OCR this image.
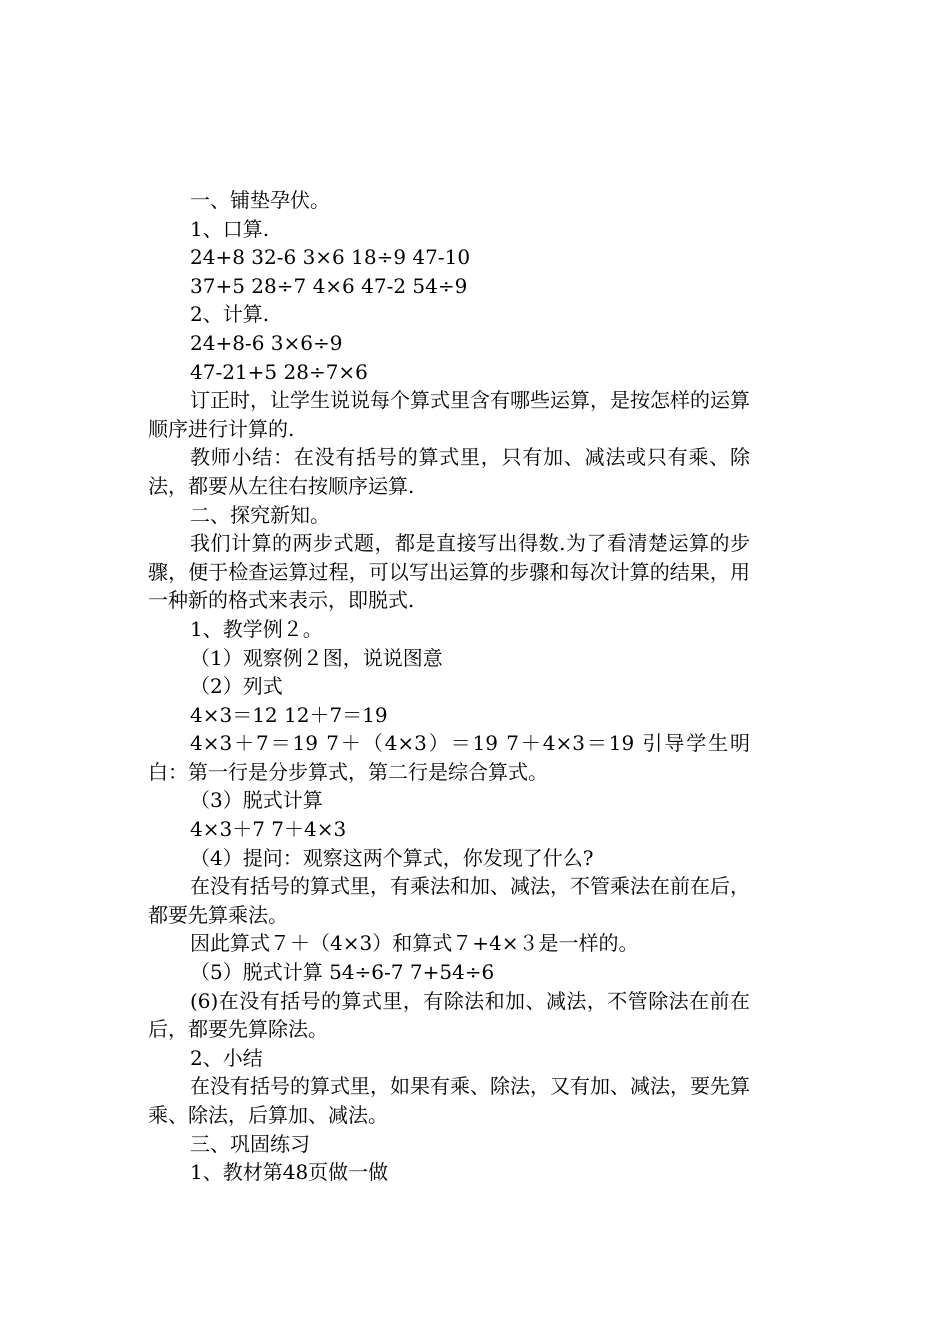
一、铺垫孕伏。

1、口算.

24+8 32-6 3×6 18÷9 47-10

37+5 28÷7 4×6 47-2 54÷9

2、计算.

24+8-6 3×6÷9

47-21+5 28÷7×6

订正时，让学生说说每个算式里含有哪些运算，是按怎样的运算顺序进行计算的.

教师小结：在没有括号的算式里，只有加、减法或只有乘、除法，都要从左往右按顺序运算.

二、探究新知。

我们计算的两步式题，都是直接写出得数.为了看清楚运算的步骤，便于检查运算过程，可以写出运算的步骤和每次计算的结果，用一种新的格式来表示，即脱式.

1、教学例２。

（1）观察例２图，说说图意

（2）列式

4×3＝12 12＋7＝19

4×3＋7＝19 7＋（4×3）＝19 7＋4×3＝19 引导学生明白：第一行是分步算式，第二行是综合算式。

（3）脱式计算

4×3＋7 7＋4×3

（4）提问：观察这两个算式，你发现了什么?

在没有括号的算式里，有乘法和加、减法，不管乘法在前在后，都要先算乘法。

因此算式７＋（4×3）和算式７+4×３是一样的。

（5）脱式计算 54÷6-7 7+54÷6

(6)在没有括号的算式里，有除法和加、减法，不管除法在前在后，都要先算除法。

2、小结

在没有括号的算式里，如果有乘、除法，又有加、减法，要先算乘、除法，后算加、减法。

三、巩固练习

1、教材第48页做一做
